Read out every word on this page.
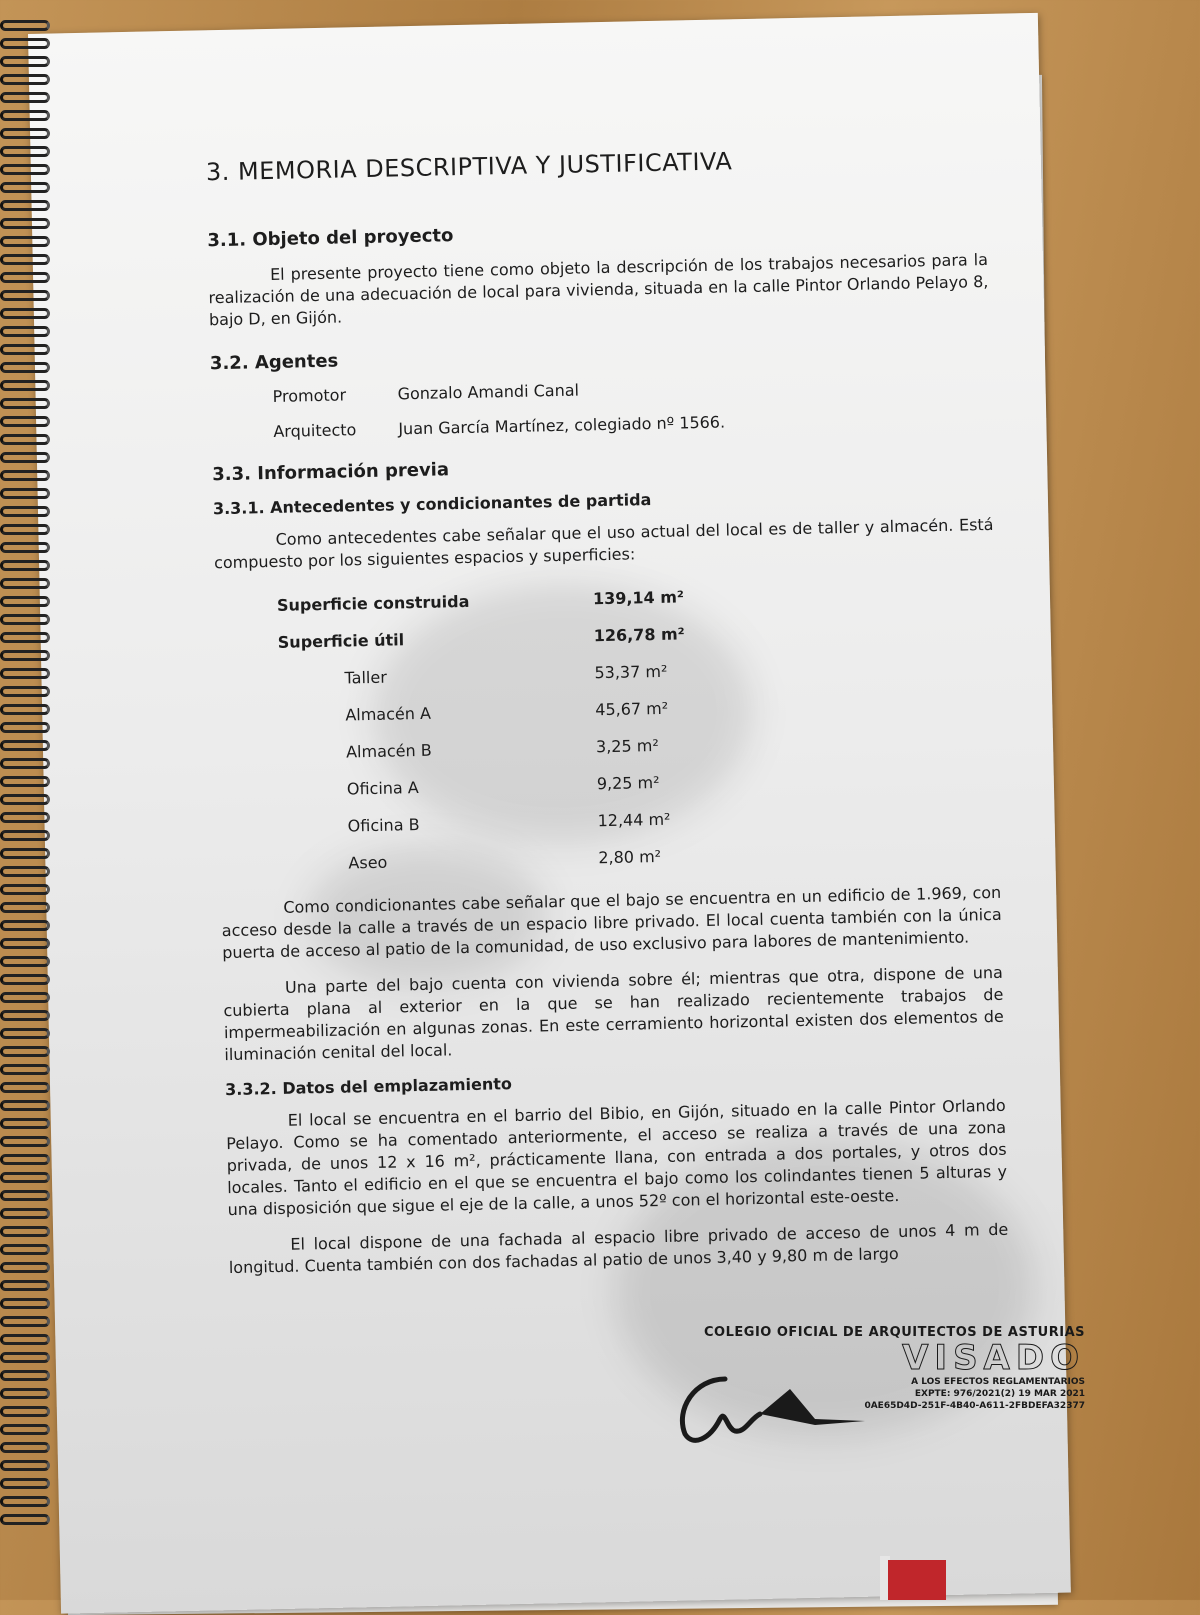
3. MEMORIA DESCRIPTIVA Y JUSTIFICATIVA
3.1. Objeto del proyecto

El presente proyecto tiene como objeto la descripción de los trabajos necesarios para la realización de una adecuación de local para vivienda, situada en la calle Pintor Orlando Pelayo 8, bajo D, en Gijón.

3.2. Agentes
Promotor	Gonzalo Amandi Canal
Arquitecto	Juan García Martínez, colegiado nº 1566.
3.3. Información previa
3.3.1. Antecedentes y condicionantes de partida

Como antecedentes cabe señalar que el uso actual del local es de taller y almacén. Está compuesto por los siguientes espacios y superficies:

Superficie construida	139,14 m²
Superficie útil	126,78 m²
Taller	53,37 m²
Almacén A	45,67 m²
Almacén B	3,25 m²
Oficina A	9,25 m²
Oficina B	12,44 m²
Aseo	2,80 m²

Como condicionantes cabe señalar que el bajo se encuentra en un edificio de 1.969, con acceso desde la calle a través de un espacio libre privado. El local cuenta también con la única puerta de acceso al patio de la comunidad, de uso exclusivo para labores de mantenimiento.

Una parte del bajo cuenta con vivienda sobre él; mientras que otra, dispone de una cubierta plana al exterior en la que se han realizado recientemente trabajos de impermeabilización en algunas zonas. En este cerramiento horizontal existen dos elementos de iluminación cenital del local.

3.3.2. Datos del emplazamiento

El local se encuentra en el barrio del Bibio, en Gijón, situado en la calle Pintor Orlando Pelayo. Como se ha comentado anteriormente, el acceso se realiza a través de una zona privada, de unos 12 x 16 m², prácticamente llana, con entrada a dos portales, y otros dos locales. Tanto el edificio en el que se encuentra el bajo como los colindantes tienen 5 alturas y una disposición que sigue el eje de la calle, a unos 52º con el horizontal este-oeste.

El local dispone de una fachada al espacio libre privado de acceso de unos 4 m de longitud. Cuenta también con dos fachadas al patio de unos 3,40 y 9,80 m de largo

COLEGIO OFICIAL DE ARQUITECTOS DE ASTURIAS
VISADO
A LOS EFECTOS REGLAMENTARIOS
EXPTE: 976/2021(2) 19 MAR 2021
0AE65D4D-251F-4B40-A611-2FBDEFA32377
